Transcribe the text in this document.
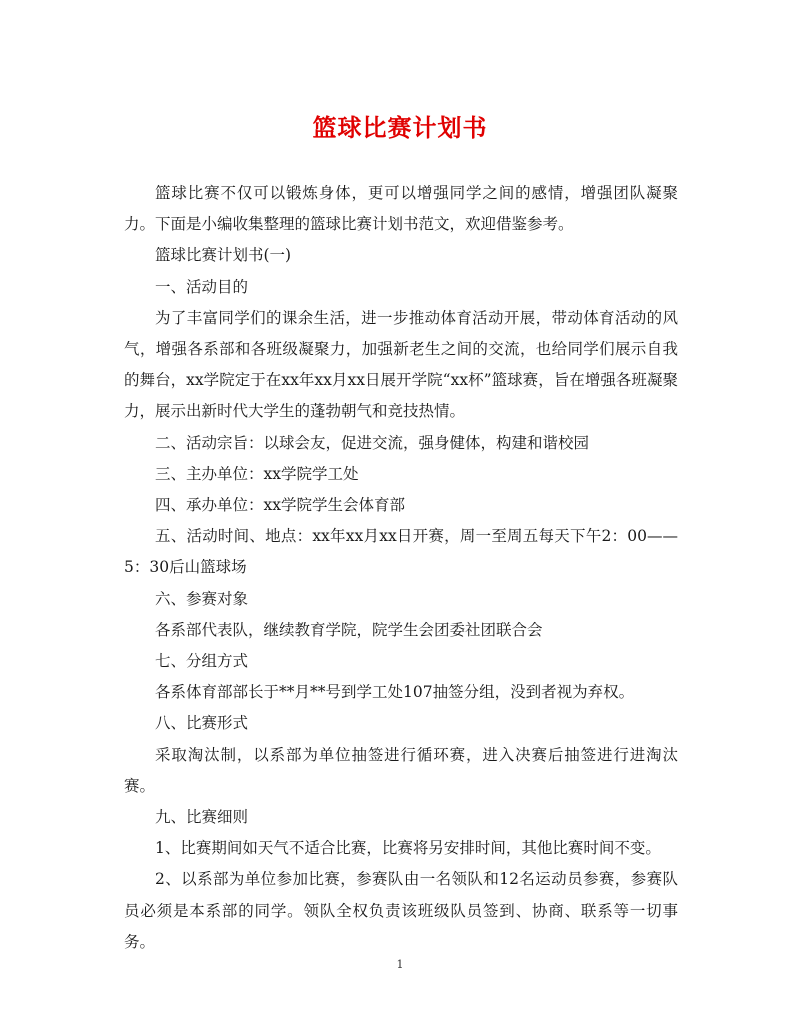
篮球比赛计划书

篮球比赛不仅可以锻炼身体，更可以增强同学之间的感情，增强团队凝聚力。下面是小编收集整理的篮球比赛计划书范文，欢迎借鉴参考。

篮球比赛计划书(一)

一、活动目的

为了丰富同学们的课余生活，进一步推动体育活动开展，带动体育活动的风气，增强各系部和各班级凝聚力，加强新老生之间的交流，也给同学们展示自我的舞台，xx学院定于在xx年xx月xx日展开学院“xx杯”篮球赛，旨在增强各班凝聚力，展示出新时代大学生的蓬勃朝气和竞技热情。

二、活动宗旨：以球会友，促进交流，强身健体，构建和谐校园

三、主办单位：xx学院学工处

四、承办单位：xx学院学生会体育部

五、活动时间、地点：xx年xx月xx日开赛，周一至周五每天下午2：00——5：30后山篮球场

六、参赛对象

各系部代表队，继续教育学院，院学生会团委社团联合会

七、分组方式

各系体育部部长于**月**号到学工处107抽签分组，没到者视为弃权。

八、比赛形式

采取淘汰制，以系部为单位抽签进行循环赛，进入决赛后抽签进行进淘汰赛。

九、比赛细则

1、比赛期间如天气不适合比赛，比赛将另安排时间，其他比赛时间不变。

2、以系部为单位参加比赛，参赛队由一名领队和12名运动员参赛，参赛队员必须是本系部的同学。领队全权负责该班级队员签到、协商、联系等一切事务。

1
